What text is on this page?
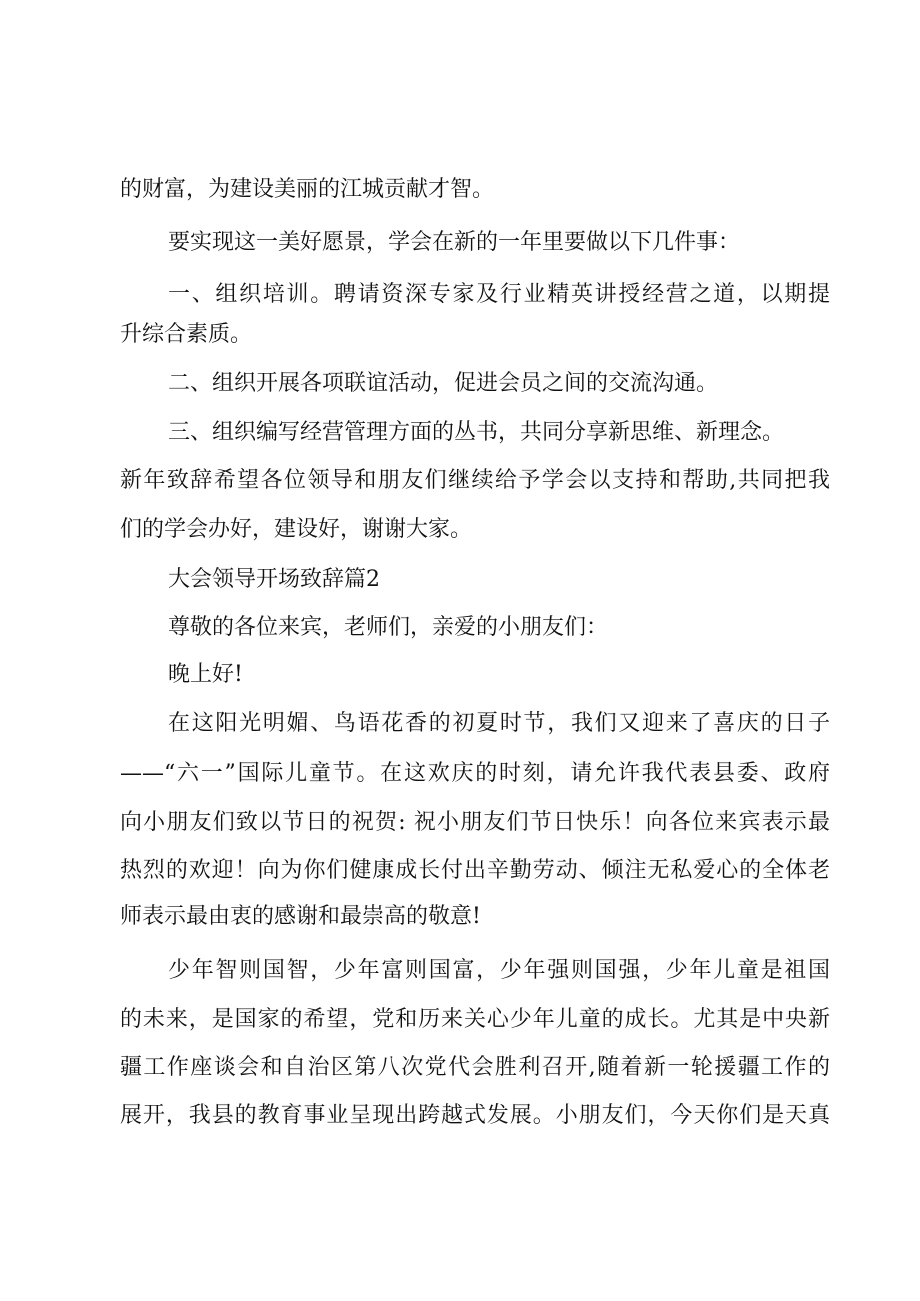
的财富，为建设美丽的江城贡献才智。
要实现这一美好愿景，学会在新的一年里要做以下几件事：
一、组织培训。聘请资深专家及行业精英讲授经营之道，以期提
升综合素质。
二、组织开展各项联谊活动，促进会员之间的交流沟通。
三、组织编写经营管理方面的丛书，共同分享新思维、新理念。
新年致辞希望各位领导和朋友们继续给予学会以支持和帮助,共同把我
们的学会办好，建设好，谢谢大家。
大会领导开场致辞篇2
尊敬的各位来宾，老师们，亲爱的小朋友们：
晚上好!
在这阳光明媚、鸟语花香的初夏时节，我们又迎来了喜庆的日子
——“六一”国际儿童节。在这欢庆的时刻，请允许我代表县委、政府
向小朋友们致以节日的祝贺: 祝小朋友们节日快乐！向各位来宾表示最
热烈的欢迎！向为你们健康成长付出辛勤劳动、倾注无私爱心的全体老
师表示最由衷的感谢和最崇高的敬意!
少年智则国智，少年富则国富，少年强则国强，少年儿童是祖国
的未来，是国家的希望，党和历来关心少年儿童的成长。尤其是中央新
疆工作座谈会和自治区第八次党代会胜利召开,随着新一轮援疆工作的
展开，我县的教育事业呈现出跨越式发展。小朋友们，今天你们是天真
